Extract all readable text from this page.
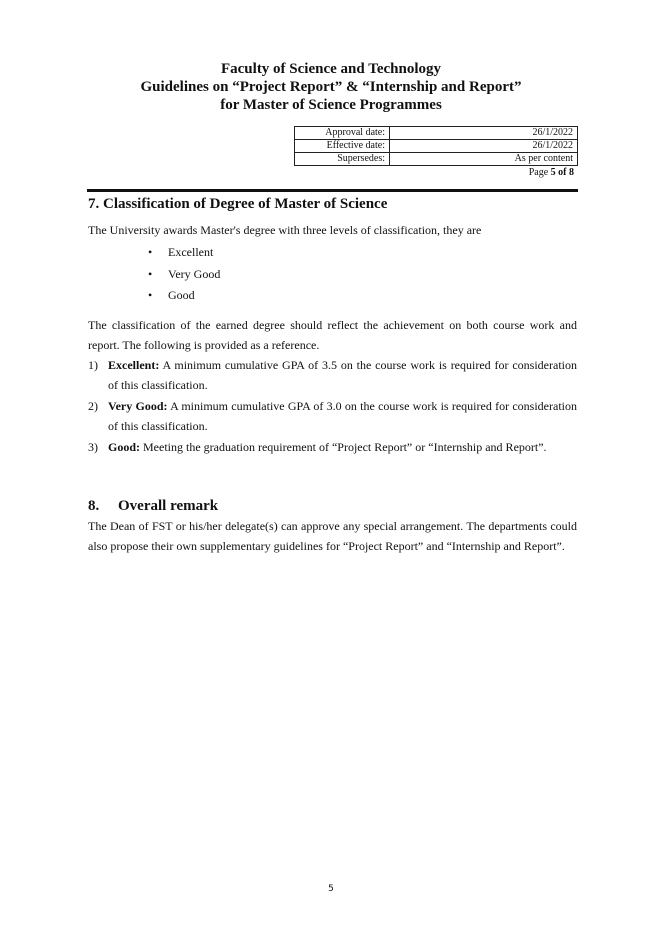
Faculty of Science and Technology
Guidelines on “Project Report” & “Internship and Report”
for Master of Science Programmes
Approval date:	26/1/2022
Effective date:	26/1/2022
Supersedes:	As per content
Page 5 of 8
7. Classification of Degree of Master of Science
The University awards Master's degree with three levels of classification, they are
• Excellent
• Very Good
• Good
The classification of the earned degree should reflect the achievement on both course work and report. The following is provided as a reference.
1) Excellent: A minimum cumulative GPA of 3.5 on the course work is required for consideration of this classification.
2) Very Good: A minimum cumulative GPA of 3.0 on the course work is required for consideration of this classification.
3) Good: Meeting the graduation requirement of “Project Report” or “Internship and Report”.
8.     Overall remark
The Dean of FST or his/her delegate(s) can approve any special arrangement. The departments could also propose their own supplementary guidelines for “Project Report” and “Internship and Report”.
5
